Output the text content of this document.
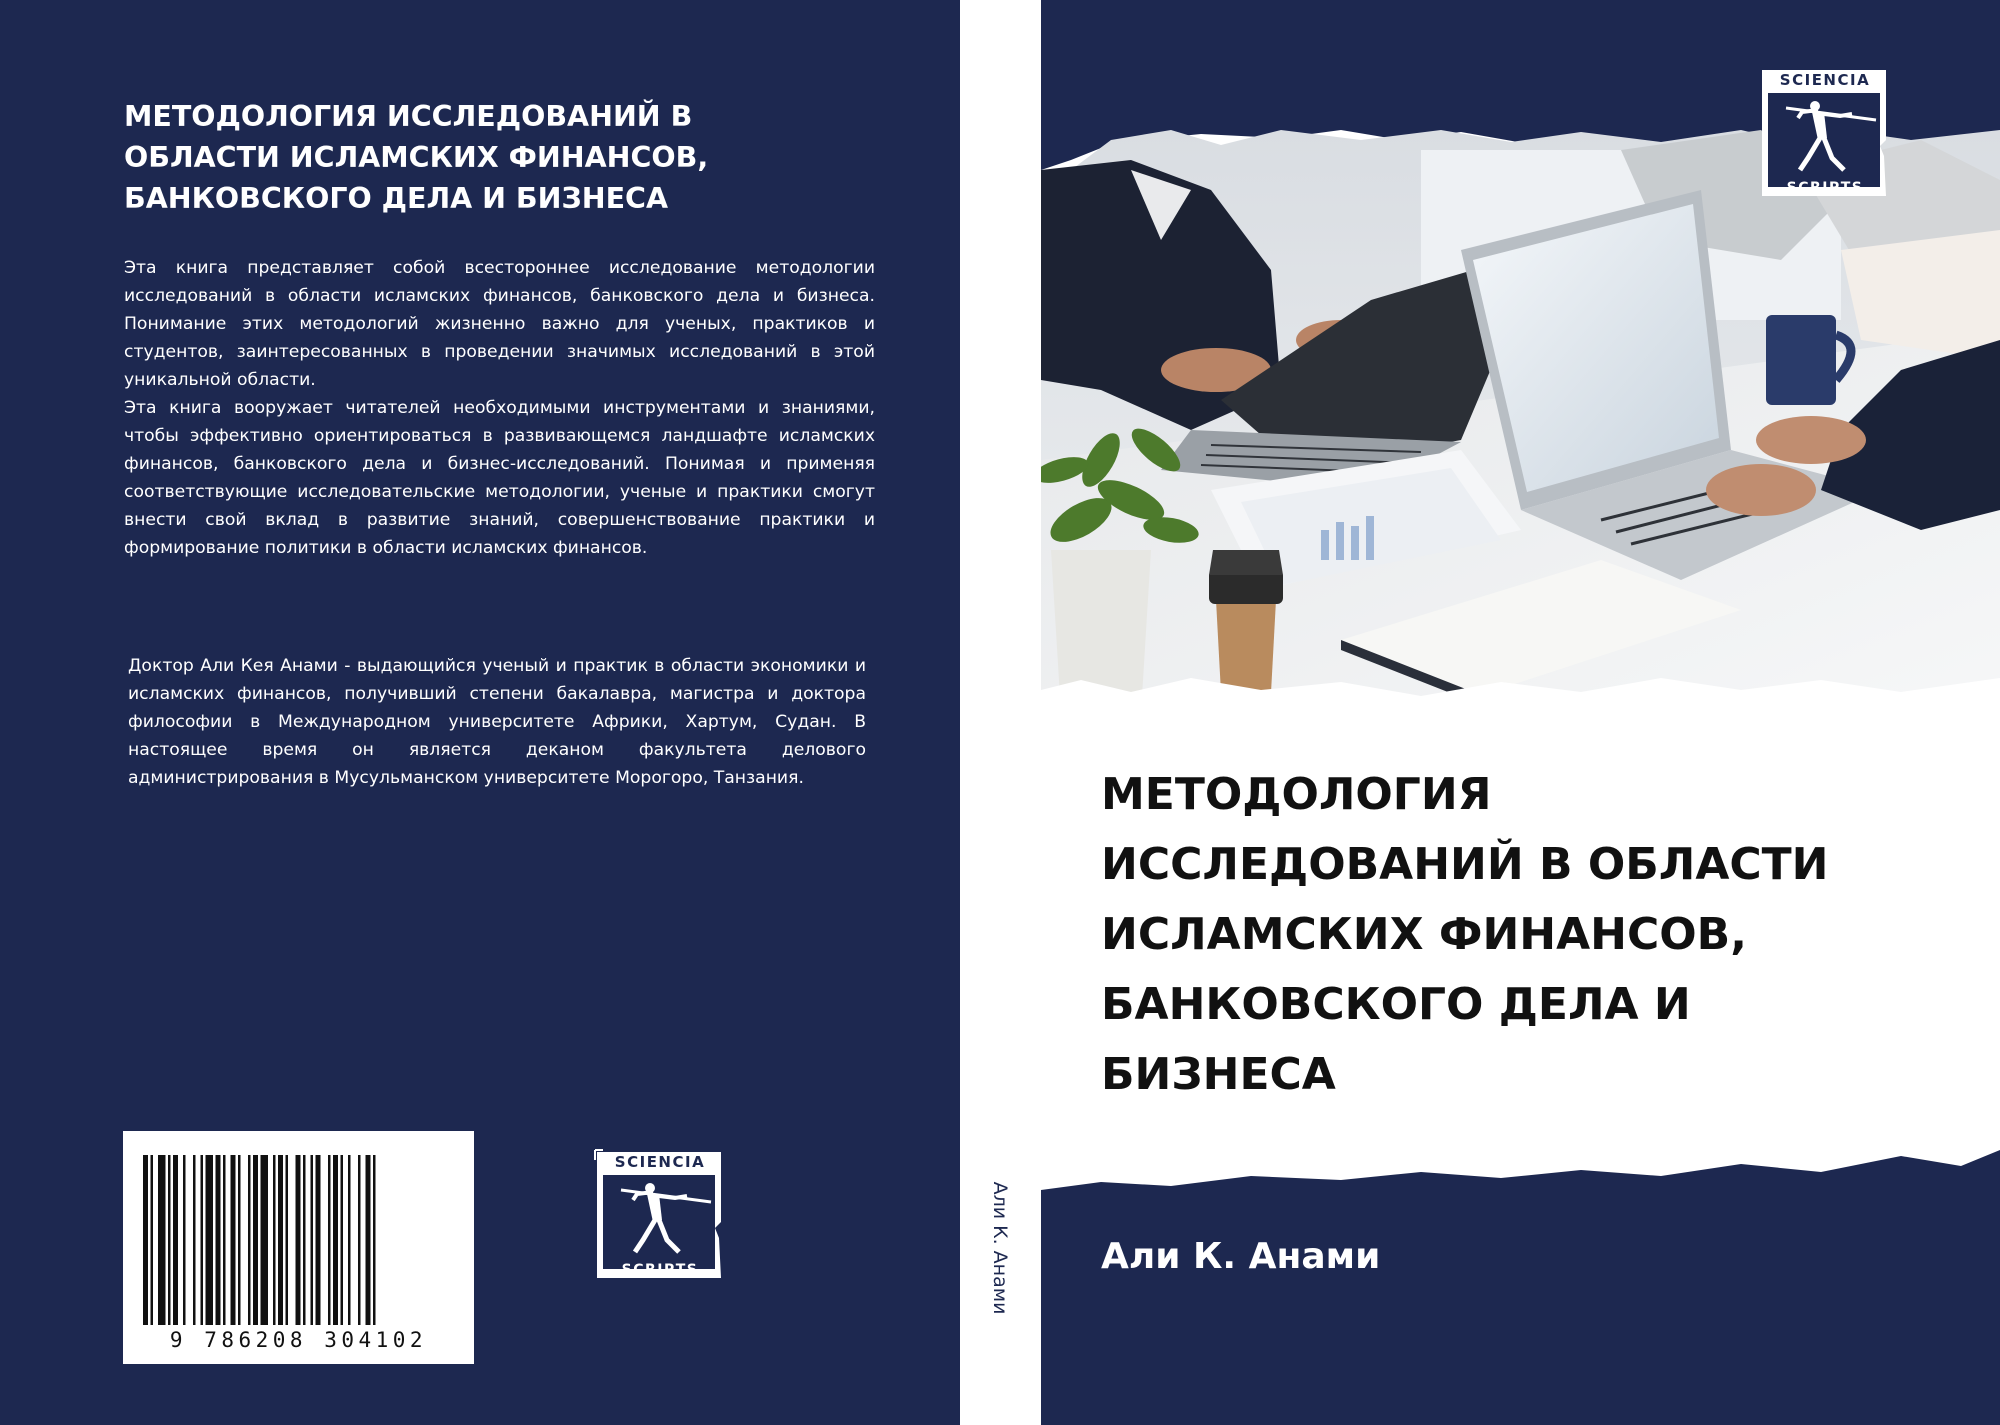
МЕТОДОЛОГИЯ ИССЛЕДОВАНИЙ В
ОБЛАСТИ ИСЛАМСКИХ ФИНАНСОВ,
БАНКОВСКОГО ДЕЛА И БИЗНЕСА

Эта книга представляет собой всестороннее исследование методологии исследований в области исламских финансов, банковского дела и бизнеса. Понимание этих методологий жизненно важно для ученых, практиков и студентов, заинтересованных в проведении значимых исследований в этой уникальной области.

Эта книга вооружает читателей необходимыми инструментами и знаниями, чтобы эффективно ориентироваться в развивающемся ландшафте исламских финансов, банковского дела и бизнес-исследований. Понимая и применяя соответствующие исследовательские методологии, ученые и практики смогут внести свой вклад в развитие знаний, совершенствование практики и формирование политики в области исламских финансов.

Доктор Али Кея Анами - выдающийся ученый и практик в области экономики и исламских финансов, получивший степени бакалавра, магистра и доктора философии в Международном университете Африки, Хартум, Судан. В настоящее время он является деканом факультета делового администрирования в Мусульманском университете Морогоро, Танзания.
9 786208 304102
SCIENCIA
SCRIPTS	Али К. Анами
SCIENCIA
SCRIPTS
МЕТОДОЛОГИЯ
ИССЛЕДОВАНИЙ В ОБЛАСТИ
ИСЛАМСКИХ ФИНАНСОВ,
БАНКОВСКОГО ДЕЛА И
БИЗНЕСА
Али К. Анами
